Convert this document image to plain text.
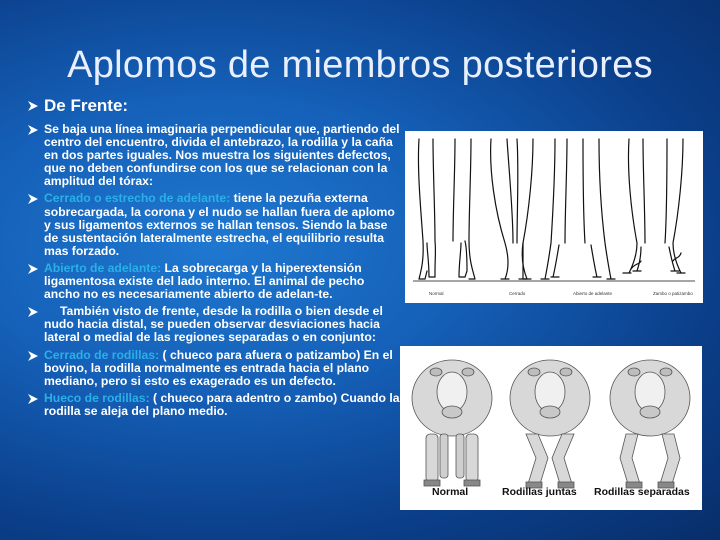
Aplomos de miembros posteriores
De Frente:
Se baja una línea imaginaria perpendicular que, partiendo del centro del encuentro, divida el antebrazo, la rodilla y la caña en dos partes iguales. Nos muestra los siguientes defectos, que no deben confundirse con los que se relacionan con la amplitud del tórax:
Cerrado o estrecho de adelante: tiene la pezuña externa sobrecargada, la corona y el nudo se hallan fuera de aplomo y sus ligamentos externos se hallan tensos. Siendo la base de sustentación lateralmente estrecha, el equilibrio resulta mas forzado.
Abierto de adelante: La sobrecarga y la hiperextensión ligamentosa existe del lado interno. El animal de pecho ancho no es necesariamente abierto de adelan-te.
También visto de frente, desde la rodilla o bien desde el nudo hacia distal, se pueden observar desviaciones hacia lateral o medial de las regiones separadas o en conjunto:
Cerrado de rodillas: ( chueco para afuera o patizambo) En el bovino, la rodilla normalmente es entrada hacia el plano mediano, pero si esto es exagerado es un defecto.
Hueco de rodillas: ( chueco para adentro o zambo) Cuando la rodilla se aleja del plano medio.
Normal	Cerrado	Abierto de adelante	Zambo o patizambo
Normal	Rodillas juntas Rodillas separadas
